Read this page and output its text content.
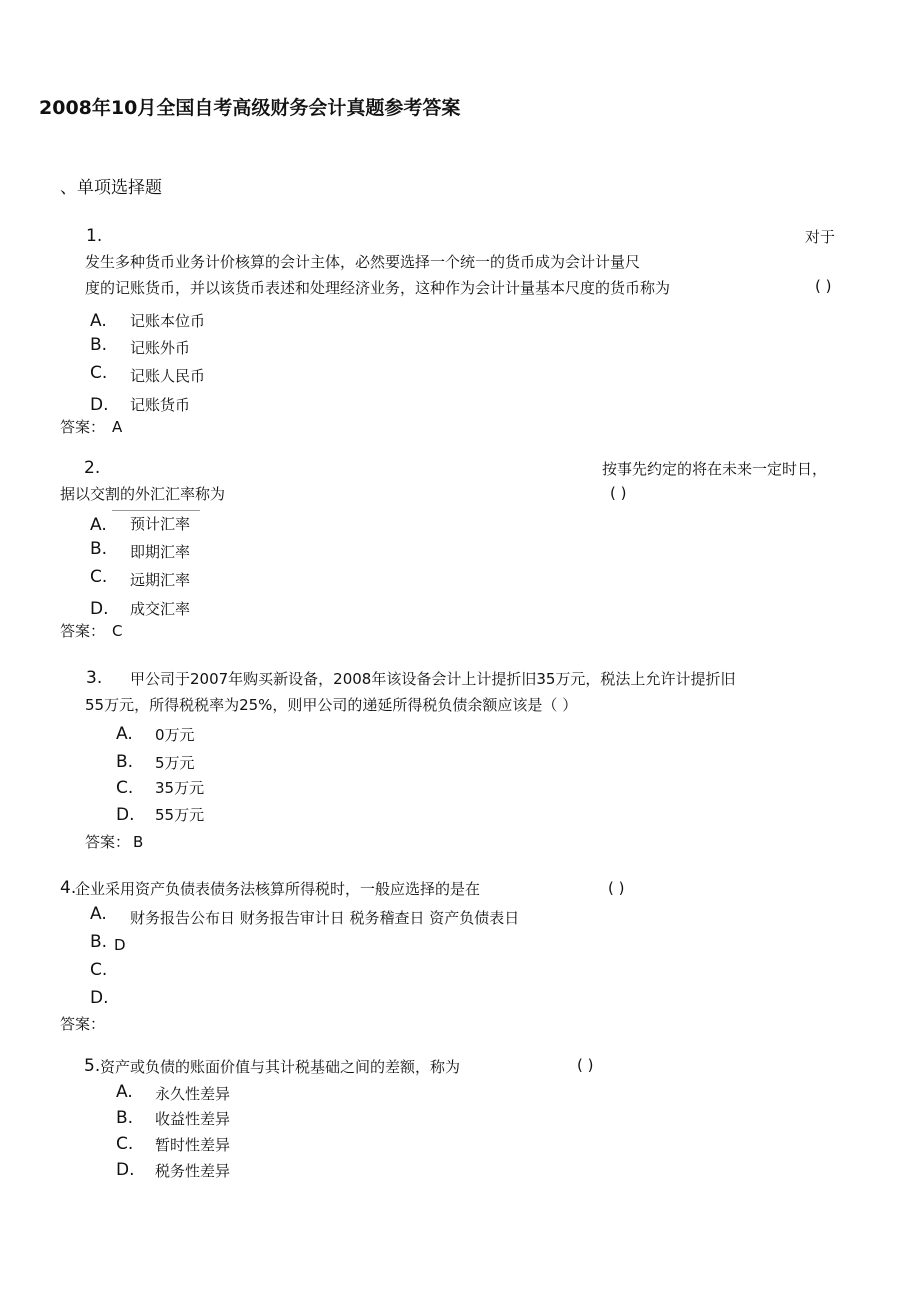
2008年10月全国自考高级财务会计真题参考答案
、单项选择题
1.	对于
发生多种货币业务计价核算的会计主体，必然要选择一个统一的货币成为会计计量尺
度的记账货币，并以该货币表述和处理经济业务，这种作为会计计量基本尺度的货币称为	( )
A. 记账本位币
B. 记账外币
C. 记账人民币
D. 记账货币
答案： A
2.	按事先约定的将在未来一定时日，
据以交割的外汇汇率称为	( )
A. 预计汇率
B. 即期汇率
C. 远期汇率
D. 成交汇率
答案： C
3. 甲公司于2007年购买新设备，2008年该设备会计上计提折旧35万元，税法上允许计提折旧
55万元，所得税税率为25%，则甲公司的递延所得税负债余额应该是（ ）
A. 0万元
B. 5万元
C. 35万元
D. 55万元
答案： B
4.
企业采用资产负债表债务法核算所得税时，一般应选择的是在	( )
A. 财务报告公布日 财务报告审计日 税务稽查日 资产负债表日
B. D
C.
D.
答案：
5. 资产或负债的账面价值与其计税基础之间的差额，称为	( )
A. 永久性差异
B. 收益性差异
C. 暂时性差异
D. 税务性差异
